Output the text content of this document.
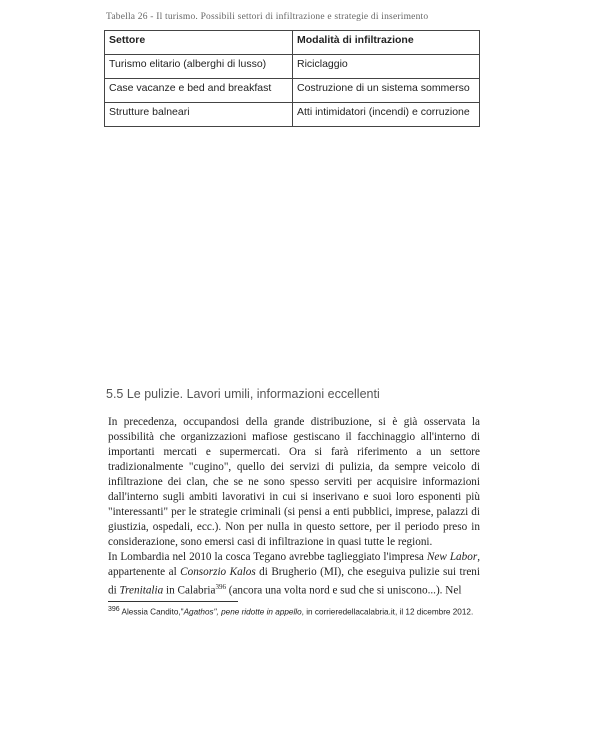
Tabella 26 - Il turismo. Possibili settori di infiltrazione e strategie di inserimento
Settore	Modalità di infiltrazione
Turismo elitario (alberghi di lusso)	Riciclaggio
Case vacanze e bed and breakfast	Costruzione di un sistema sommerso
Strutture balneari	Atti intimidatori (incendi) e corruzione
5.5 Le pulizie. Lavori umili, informazioni eccellenti

In precedenza, occupandosi della grande distribuzione, si è già osservata la possibilità che organizzazioni mafiose gestiscano il facchinaggio all'interno di importanti mercati e supermercati. Ora si farà riferimento a un settore tradizionalmente "cugino", quello dei servizi di pulizia, da sempre veicolo di infiltrazione dei clan, che se ne sono spesso serviti per acquisire informazioni dall'interno sugli ambiti lavorativi in cui si inserivano e suoi loro esponenti più "interessanti" per le strategie criminali (si pensi a enti pubblici, imprese, palazzi di giustizia, ospedali, ecc.). Non per nulla in questo settore, per il periodo preso in considerazione, sono emersi casi di infiltrazione in quasi tutte le regioni.

In Lombardia nel 2010 la cosca Tegano avrebbe taglieggiato l'impresa New Labor, appartenente al Consorzio Kalos di Brugherio (MI), che eseguiva pulizie sui treni di Trenitalia in Calabria$^{396}$ (ancora una volta nord e sud che si uniscono...). Nel

$^{396}$ Alessia Candito,"Agathos", pene ridotte in appello, in corrieredellacalabria.it, il 12 dicembre 2012.
